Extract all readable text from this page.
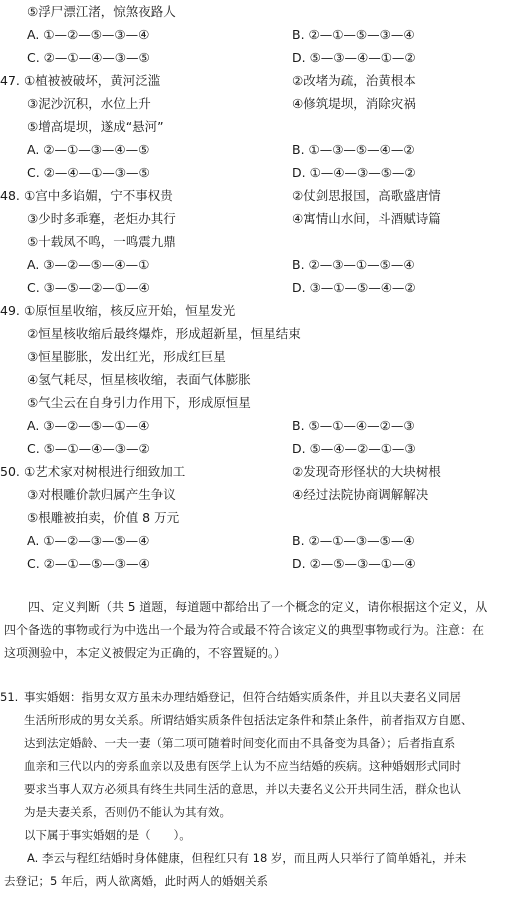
⑤浮尸漂江渚，惊煞夜路人
A. ①—②—⑤—③—④	B. ②—①—⑤—③—④
C. ②—①—④—③—⑤	D. ⑤—③—④—①—②
47. ①植被被破坏，黄河泛滥	②改堵为疏，治黄根本
③泥沙沉积，水位上升	④修筑堤坝，消除灾祸
⑤增高堤坝，遂成“悬河”
A. ②—①—③—④—⑤	B. ①—③—⑤—④—②
C. ②—④—①—③—⑤	D. ①—④—③—⑤—②
48. ①宫中多谄媚，宁不事权贵	②仗剑思报国，高歌盛唐情
③少时多乖蹇，老炬办其行	④寓情山水间，斗酒赋诗篇
⑤十载凤不鸣，一鸣震九鼎
A. ③—②—⑤—④—①	B. ②—③—①—⑤—④
C. ③—⑤—②—①—④	D. ③—①—⑤—④—②
49. ①原恒星收缩，核反应开始，恒星发光
②恒星核收缩后最终爆炸，形成超新星，恒星结束
③恒星膨胀，发出红光，形成红巨星
④氢气耗尽，恒星核收缩，表面气体膨胀
⑤气尘云在自身引力作用下，形成原恒星
A. ③—②—⑤—①—④	B. ⑤—①—④—②—③
C. ⑤—①—④—③—②	D. ⑤—④—②—①—③
50. ①艺术家对树根进行细致加工	②发现奇形怪状的大块树根
③对根雕价款归属产生争议	④经过法院协商调解解决
⑤根雕被拍卖，价值 8 万元
A. ①—②—③—⑤—④	B. ②—①—③—⑤—④
C. ②—①—⑤—③—④	D. ②—⑤—③—①—④
四、定义判断（共 5 道题，每道题中都给出了一个概念的定义，请你根据这个定义，从
四个备选的事物或行为中选出一个最为符合或最不符合该定义的典型事物或行为。注意：在
这项测验中，本定义被假定为正确的，不容置疑的。）
51. 事实婚姻：指男女双方虽未办理结婚登记，但符合结婚实质条件，并且以夫妻名义同居
生活所形成的男女关系。所谓结婚实质条件包括法定条件和禁止条件，前者指双方自愿、
达到法定婚龄、一夫一妻（第二项可随着时间变化而由不具备变为具备）；后者指直系
血亲和三代以内的旁系血亲以及患有医学上认为不应当结婚的疾病。这种婚姻形式同时
要求当事人双方必须具有终生共同生活的意思，并以夫妻名义公开共同生活，群众也认
为是夫妻关系，否则仍不能认为其有效。
以下属于事实婚姻的是（　　）。
A. 李云与程红结婚时身体健康，但程红只有 18 岁，而且两人只举行了简单婚礼，并未
去登记；5 年后，两人欲离婚，此时两人的婚姻关系
